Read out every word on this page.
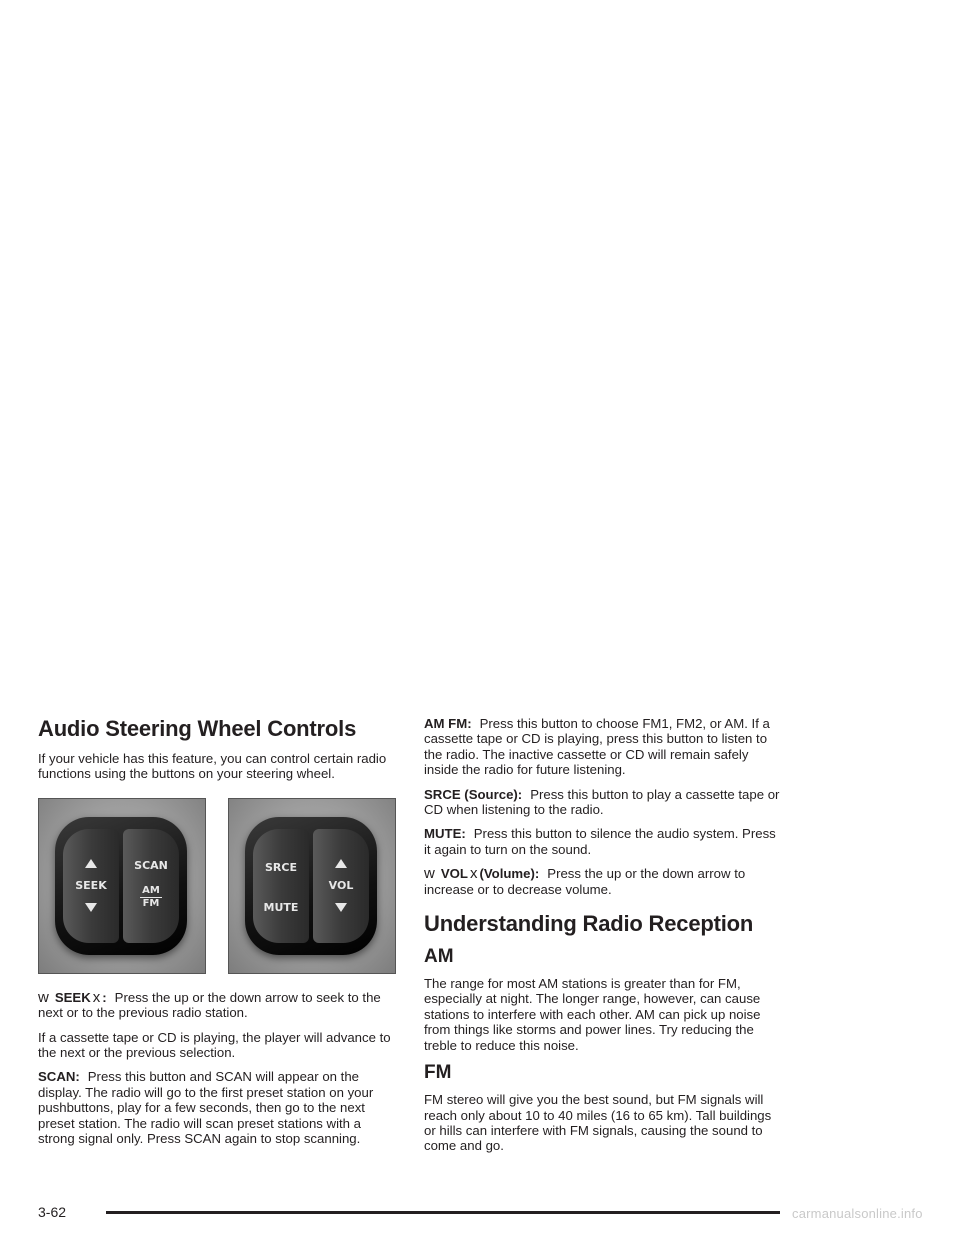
Audio Steering Wheel Controls

If your vehicle has this feature, you can control certain radio functions using the buttons on your steering wheel.

SEEK
SCAN
AM
FM
SRCE
MUTE
VOL

w SEEK x : Press the up or the down arrow to seek to the next or to the previous radio station.

If a cassette tape or CD is playing, the player will advance to the next or the previous selection.

SCAN: Press this button and SCAN will appear on the display. The radio will go to the first preset station on your pushbuttons, play for a few seconds, then go to the next preset station. The radio will scan preset stations with a strong signal only. Press SCAN again to stop scanning.

AM FM: Press this button to choose FM1, FM2, or AM. If a cassette tape or CD is playing, press this button to listen to the radio. The inactive cassette or CD will remain safely inside the radio for future listening.

SRCE (Source): Press this button to play a cassette tape or CD when listening to the radio.

MUTE: Press this button to silence the audio system. Press it again to turn on the sound.

w VOL x (Volume): Press the up or the down arrow to increase or to decrease volume.

Understanding Radio Reception
AM

The range for most AM stations is greater than for FM, especially at night. The longer range, however, can cause stations to interfere with each other. AM can pick up noise from things like storms and power lines. Try reducing the treble to reduce this noise.

FM

FM stereo will give you the best sound, but FM signals will reach only about 10 to 40 miles (16 to 65 km). Tall buildings or hills can interfere with FM signals, causing the sound to come and go.

3-62	carmanualsonline.info
